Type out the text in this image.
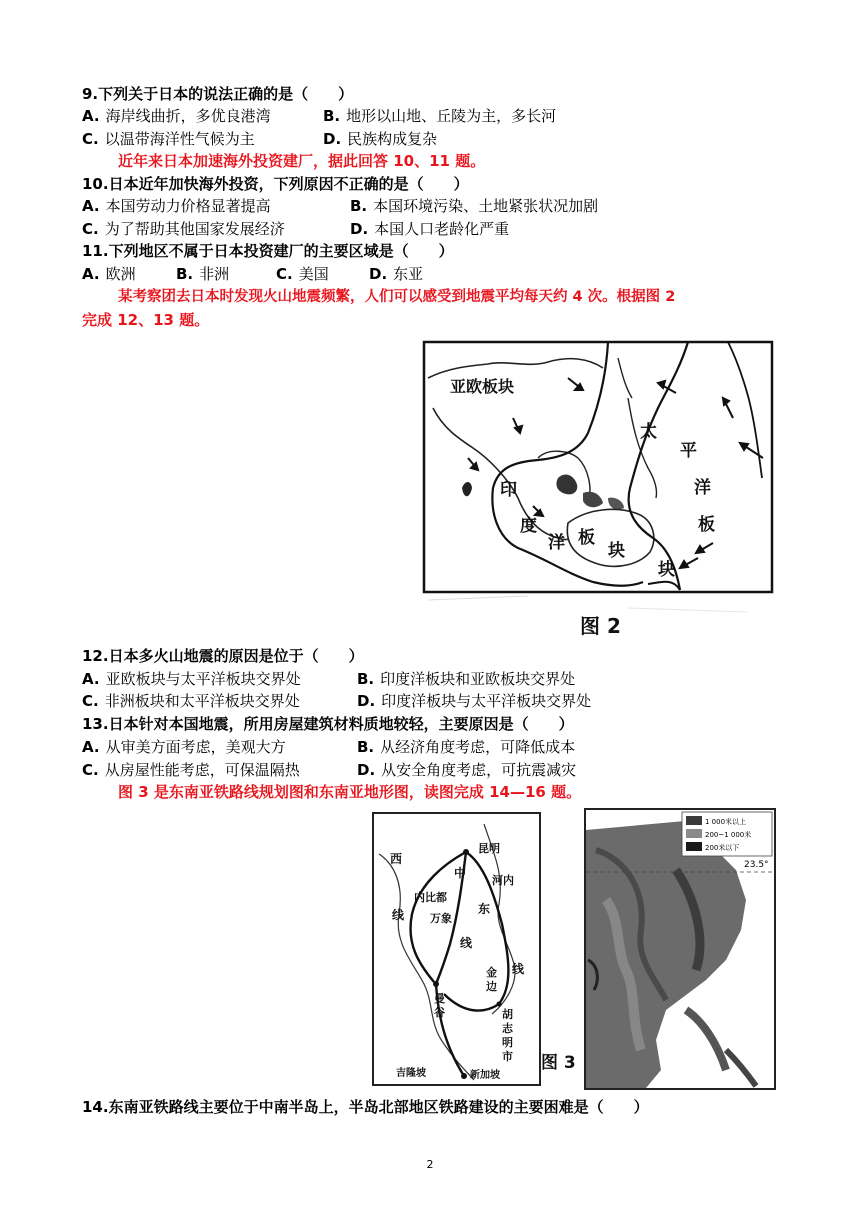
9.下列关于日本的说法正确的是（　　）
A. 海岸线曲折，多优良港湾	B. 地形以山地、丘陵为主，多长河
C. 以温带海洋性气候为主	D. 民族构成复杂
近年来日本加速海外投资建厂，据此回答 10、11 题。
10.日本近年加快海外投资，下列原因不正确的是（　　）
A. 本国劳动力价格显著提高	B. 本国环境污染、土地紧张状况加剧
C. 为了帮助其他国家发展经济	D. 本国人口老龄化严重
11.下列地区不属于日本投资建厂的主要区域是（　　）
A. 欧洲	B. 非洲	C. 美国	D. 东亚
某考察团去日本时发现火山地震频繁，人们可以感受到地震平均每天约 4 次。根据图 2
完成 12、13 题。
亚欧板块
太
平
洋
板
块
印
度
洋 板
块
图 2
12.日本多火山地震的原因是位于（　　）
A. 亚欧板块与太平洋板块交界处	B. 印度洋板块和亚欧板块交界处
C. 非洲板块和太平洋板块交界处	D. 印度洋板块与太平洋板块交界处
13.日本针对本国地震，所用房屋建筑材料质地较轻，主要原因是（　　）
A. 从审美方面考虑，美观大方	B. 从经济角度考虑，可降低成本
C. 从房屋性能考虑，可保温隔热	D. 从安全角度考虑，可抗震减灾
图 3 是东南亚铁路线规划图和东南亚地形图，读图完成 14—16 题。
昆明
河内
西
线
中
线
东
线
内比都
万象
曼
谷
金
边
胡
志
明
市
吉隆坡	新加坡
图 3
1 000米以上
200~1 000米
200米以下
23.5°
14.东南亚铁路线主要位于中南半岛上，半岛北部地区铁路建设的主要困难是（　　）
2
